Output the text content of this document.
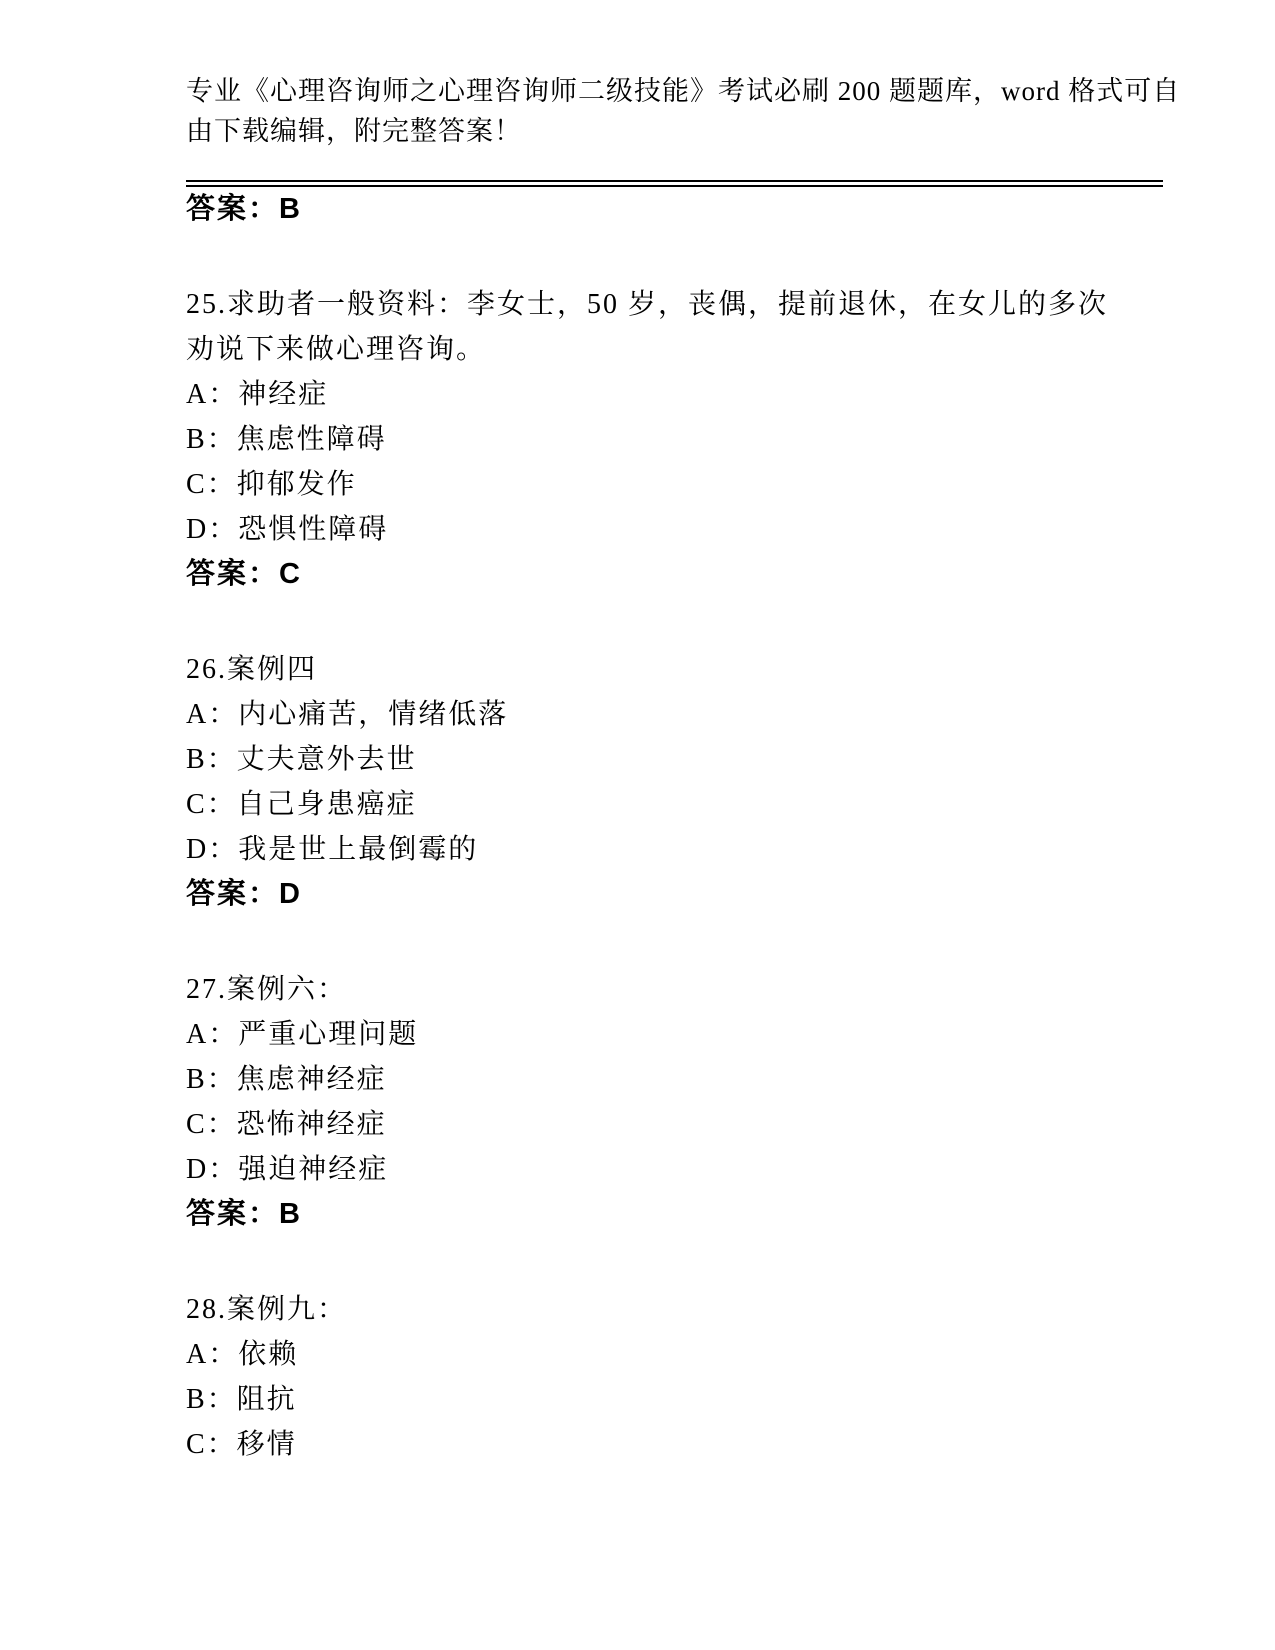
专业《心理咨询师之心理咨询师二级技能》考试必刷 200 题题库，word 格式可自
由下载编辑，附完整答案！
答案：B
25.求助者一般资料：李女士，50 岁，丧偶，提前退休，在女儿的多次
劝说下来做心理咨询。
A：神经症
B：焦虑性障碍
C：抑郁发作
D：恐惧性障碍
答案：C
26.案例四
A：内心痛苦，情绪低落
B：丈夫意外去世
C：自己身患癌症
D：我是世上最倒霉的
答案：D
27.案例六：
A：严重心理问题
B：焦虑神经症
C：恐怖神经症
D：强迫神经症
答案：B
28.案例九：
A：依赖
B：阻抗
C：移情
